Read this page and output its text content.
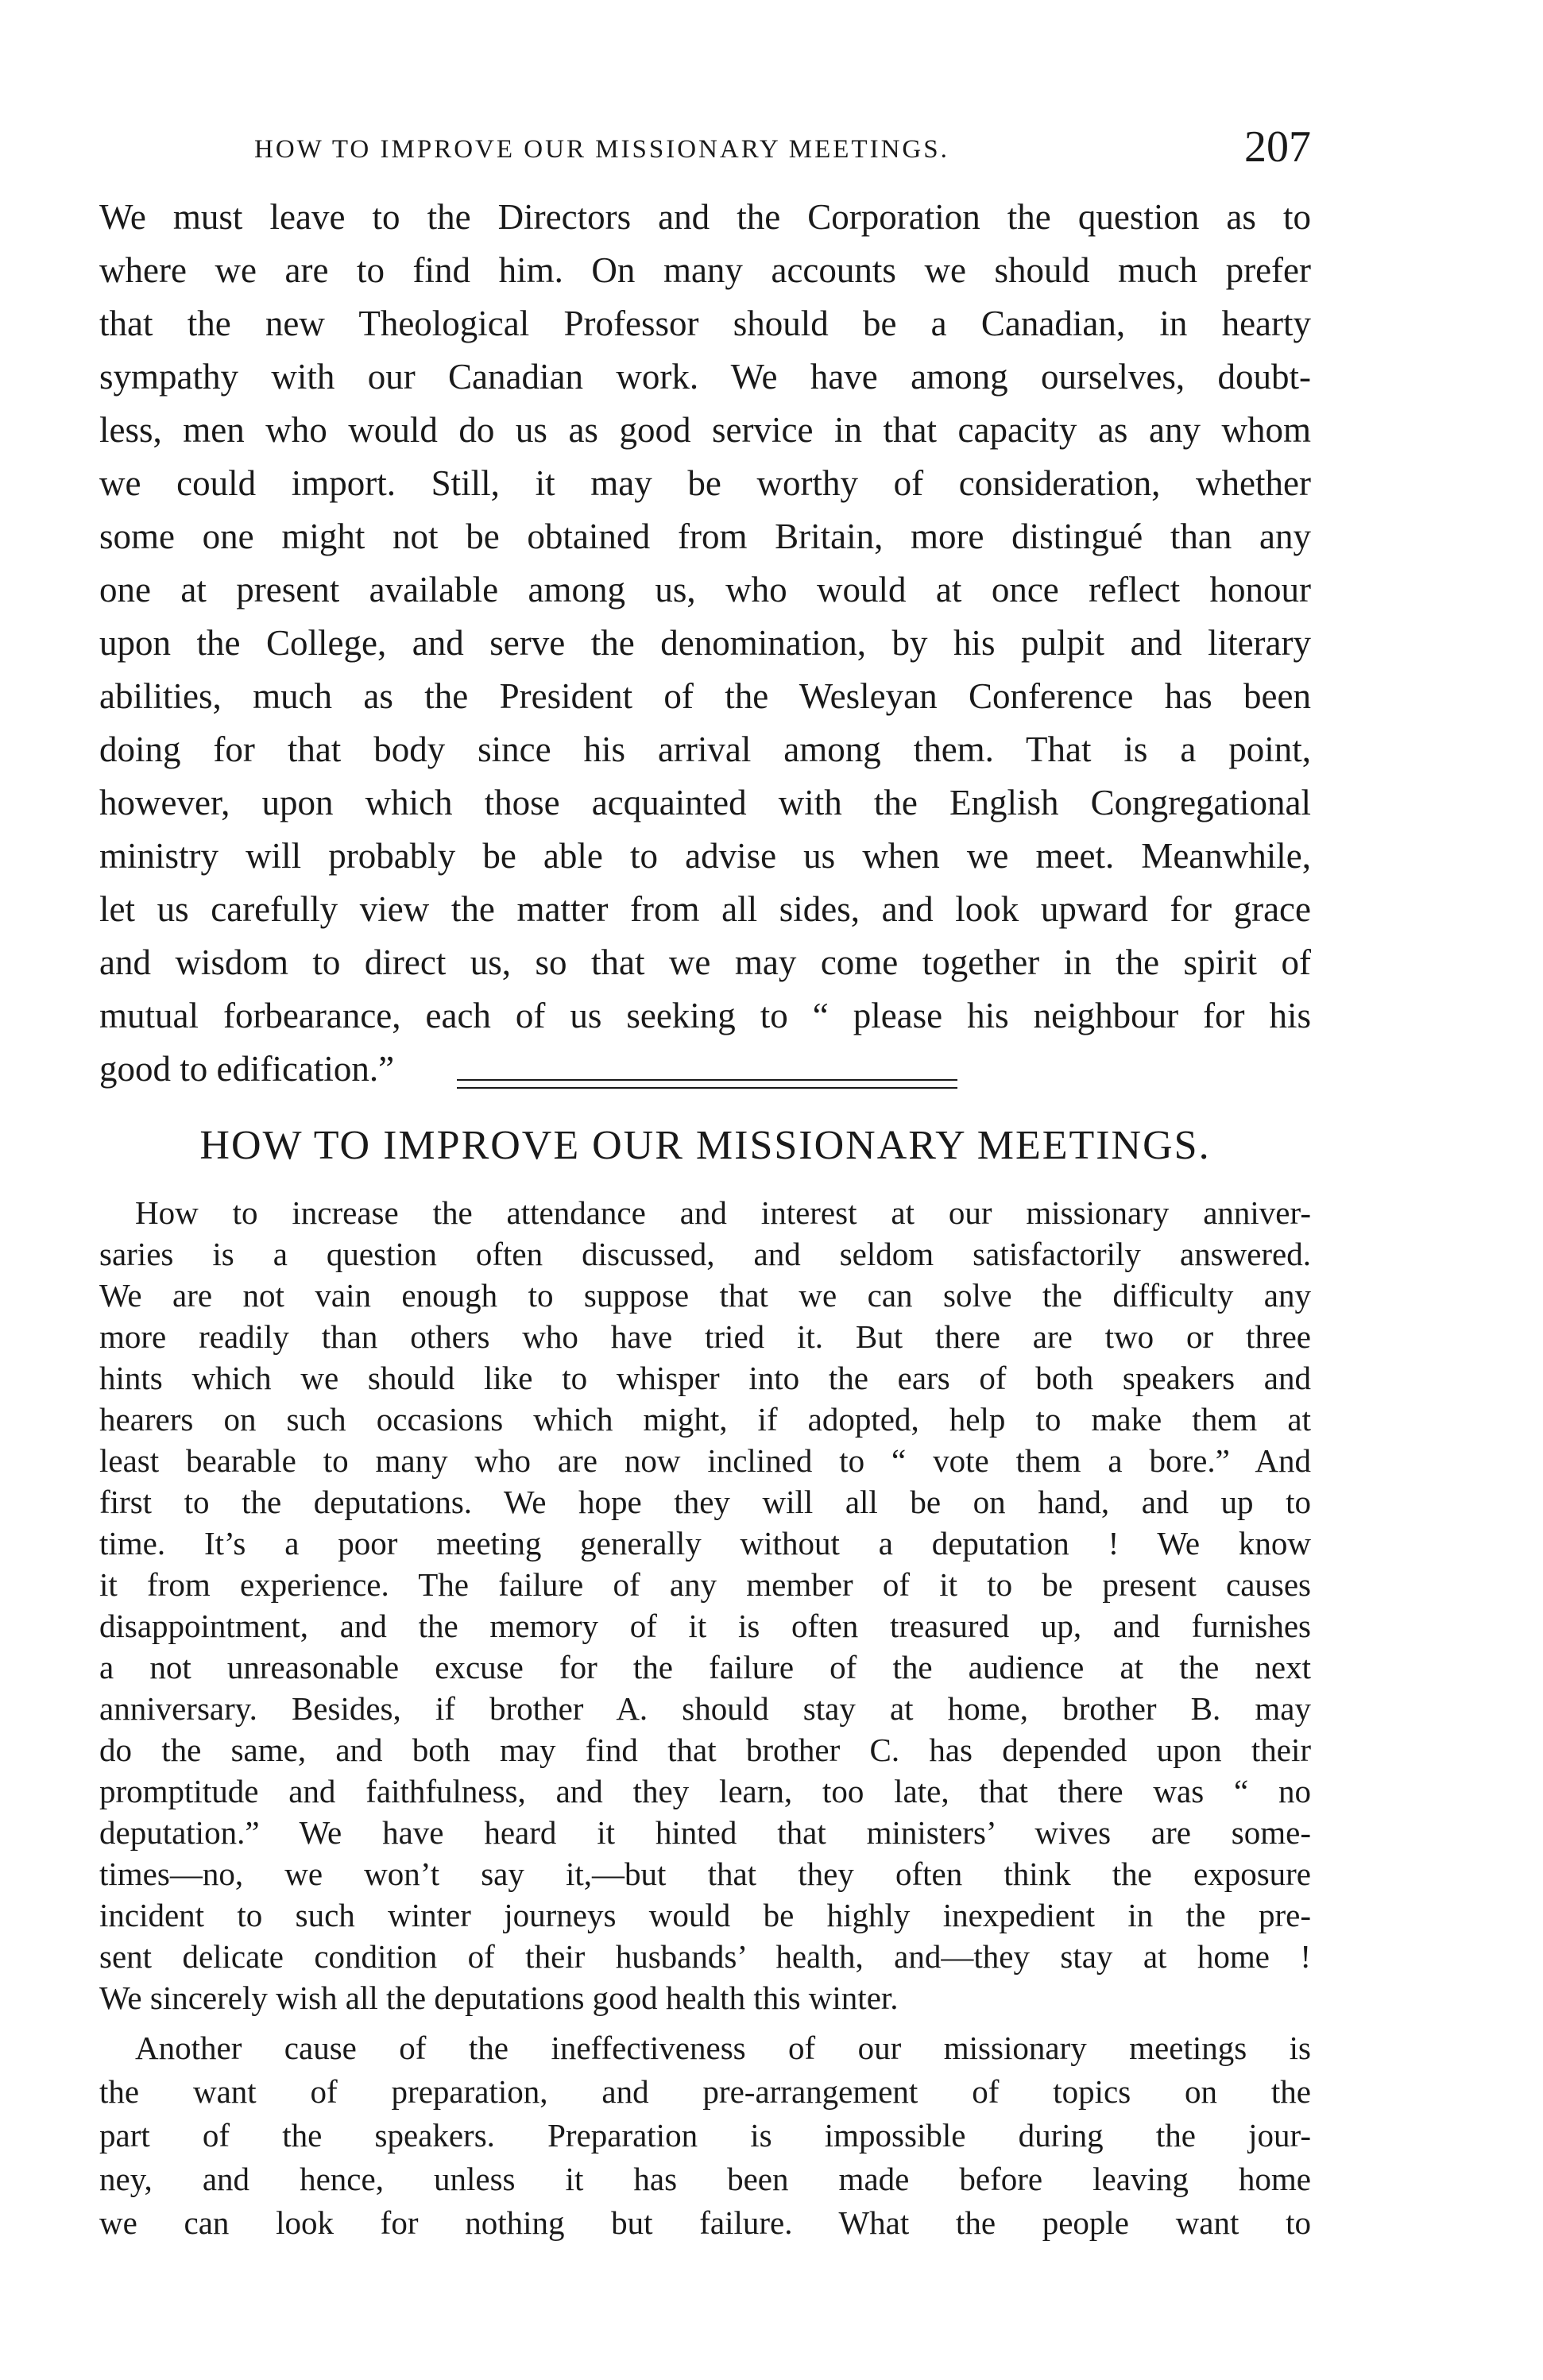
HOW TO IMPROVE OUR MISSIONARY MEETINGS.	207
We must leave to the Directors and the Corporation the question as to
where we are to find him. On many accounts we should much prefer
that the new Theological Professor should be a Canadian, in hearty
sympathy with our Canadian work. We have among ourselves, doubt-
less, men who would do us as good service in that capacity as any whom
we could import. Still, it may be worthy of consideration, whether
some one might not be obtained from Britain, more distingué than any
one at present available among us, who would at once reflect honour
upon the College, and serve the denomination, by his pulpit and literary
abilities, much as the President of the Wesleyan Conference has been
doing for that body since his arrival among them. That is a point,
however, upon which those acquainted with the English Congregational
ministry will probably be able to advise us when we meet. Meanwhile,
let us carefully view the matter from all sides, and look upward for grace
and wisdom to direct us, so that we may come together in the spirit of
mutual forbearance, each of us seeking to “ please his neighbour for his
good to edification.”
HOW TO IMPROVE OUR MISSIONARY MEETINGS.
How to increase the attendance and interest at our missionary anniver-
saries is a question often discussed, and seldom satisfactorily answered.
We are not vain enough to suppose that we can solve the difficulty any
more readily than others who have tried it. But there are two or three
hints which we should like to whisper into the ears of both speakers and
hearers on such occasions which might, if adopted, help to make them at
least bearable to many who are now inclined to “ vote them a bore.” And
first to the deputations. We hope they will all be on hand, and up to
time. It’s a poor meeting generally without a deputation ! We know
it from experience. The failure of any member of it to be present causes
disappointment, and the memory of it is often treasured up, and furnishes
a not unreasonable excuse for the failure of the audience at the next
anniversary. Besides, if brother A. should stay at home, brother B. may
do the same, and both may find that brother C. has depended upon their
promptitude and faithfulness, and they learn, too late, that there was “ no
deputation.” We have heard it hinted that ministers’ wives are some-
times—no, we won’t say it,—but that they often think the exposure
incident to such winter journeys would be highly inexpedient in the pre-
sent delicate condition of their husbands’ health, and—they stay at home !
We sincerely wish all the deputations good health this winter.
Another cause of the ineffectiveness of our missionary meetings is
the want of preparation, and pre-arrangement of topics on the
part of the speakers. Preparation is impossible during the jour-
ney, and hence, unless it has been made before leaving home
we can look for nothing but failure. What the people want to
